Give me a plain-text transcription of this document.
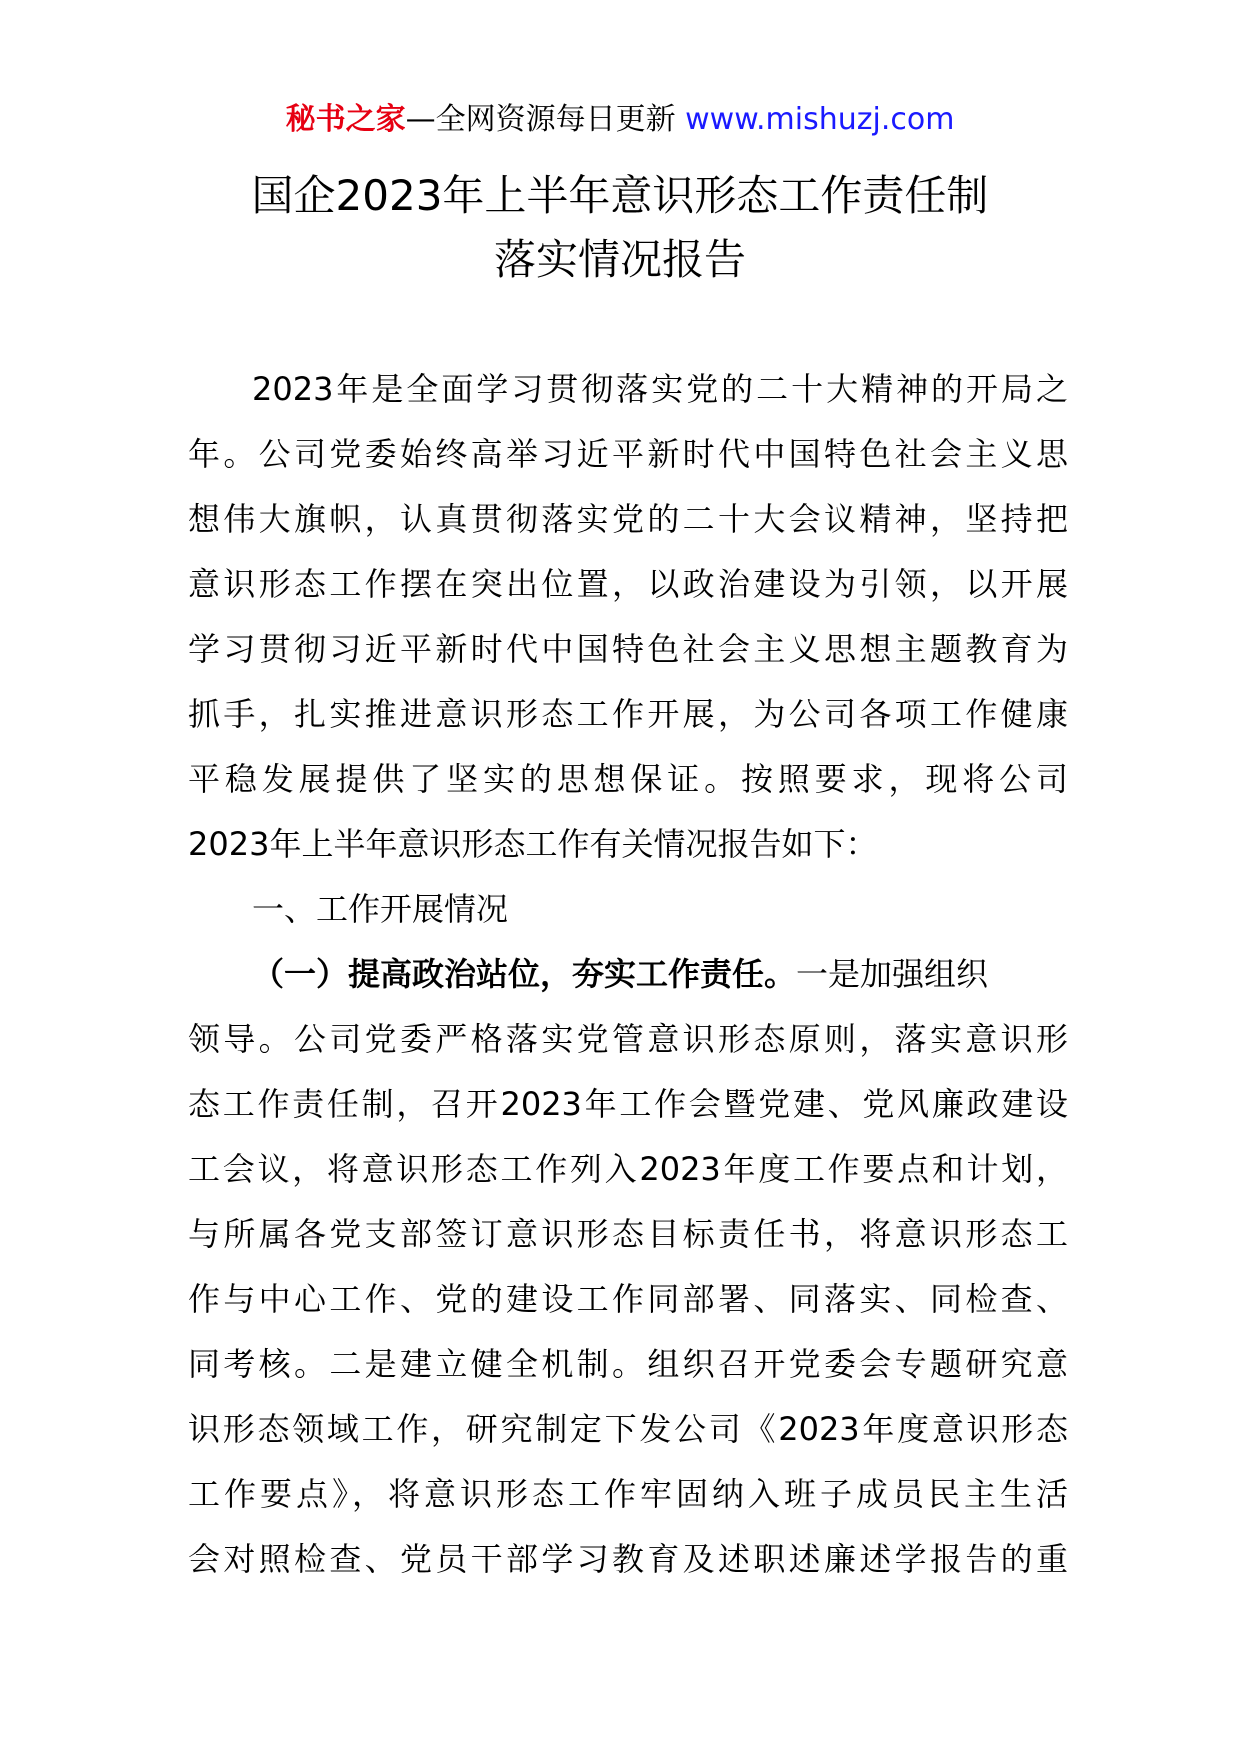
秘书之家—全网资源每日更新 www.mishuzj.com
国企2023年上半年意识形态工作责任制
落实情况报告
2023年是全面学习贯彻落实党的二十大精神的开局之
年。公司党委始终高举习近平新时代中国特色社会主义思
想伟大旗帜，认真贯彻落实党的二十大会议精神，坚持把
意识形态工作摆在突出位置，以政治建设为引领，以开展
学习贯彻习近平新时代中国特色社会主义思想主题教育为
抓手，扎实推进意识形态工作开展，为公司各项工作健康
平稳发展提供了坚实的思想保证。按照要求，现将公司
2023年上半年意识形态工作有关情况报告如下：
一、工作开展情况
（一）提高政治站位，夯实工作责任。一是加强组织
领导。公司党委严格落实党管意识形态原则，落实意识形
态工作责任制，召开2023年工作会暨党建、党风廉政建设
工会议，将意识形态工作列入2023年度工作要点和计划，
与所属各党支部签订意识形态目标责任书，将意识形态工
作与中心工作、党的建设工作同部署、同落实、同检查、
同考核。二是建立健全机制。组织召开党委会专题研究意
识形态领域工作，研究制定下发公司《2023年度意识形态
工作要点》，将意识形态工作牢固纳入班子成员民主生活
会对照检查、党员干部学习教育及述职述廉述学报告的重
